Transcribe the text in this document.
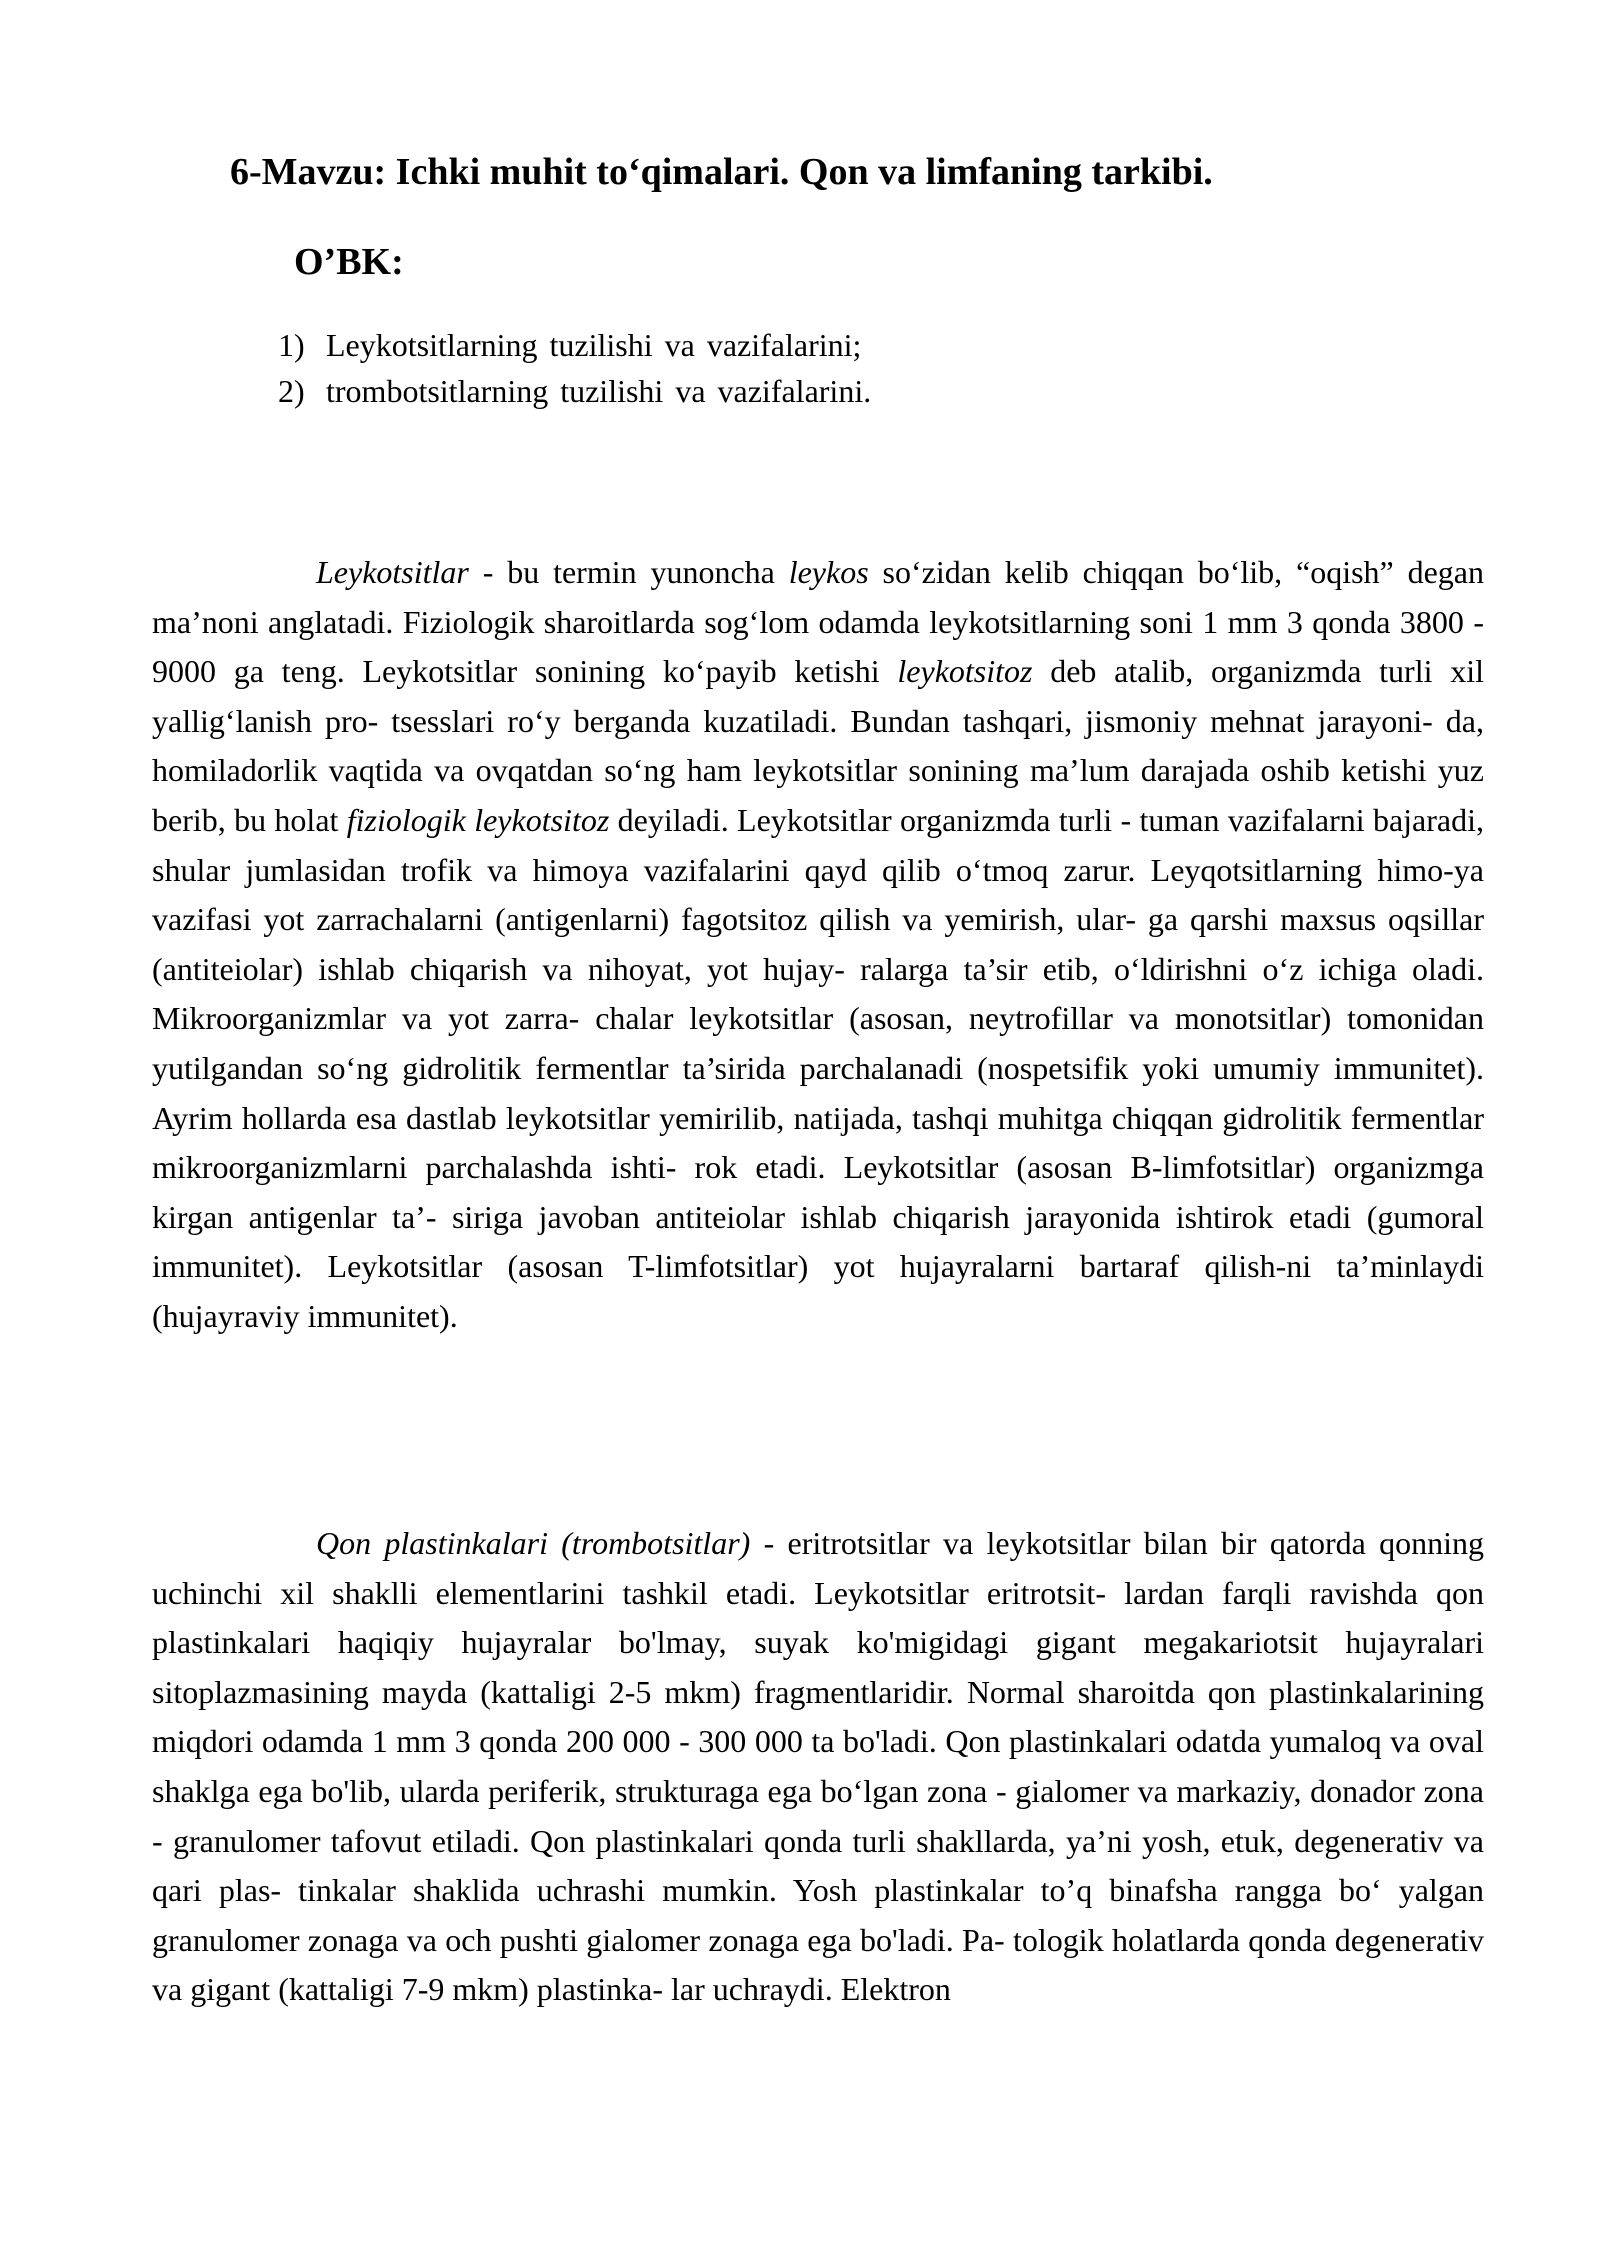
6-Mavzu: Ichki muhit to‘qimalari. Qon va limfaning tarkibi.
O’BK:
1) Leykotsitlarning tuzilishi va vazifalarini;
2) trombotsitlarning tuzilishi va vazifalarini.

Leykotsitlar - bu termin yunoncha leykos so‘zidan kelib chiqqan bo‘lib, “oqish” degan ma’noni anglatadi. Fiziologik sharoitlarda sog‘lom odamda leykotsitlarning soni 1 mm 3 qonda 3800 - 9000 ga teng. Leykotsitlar sonining ko‘payib ketishi leykotsitoz deb atalib, organizmda turli xil yallig‘lanish pro- tsesslari ro‘y berganda kuzatiladi. Bundan tashqari, jismoniy mehnat jarayoni- da, homiladorlik vaqtida va ovqatdan so‘ng ham leykotsitlar sonining ma’lum darajada oshib ketishi yuz berib, bu holat fiziologik leykotsitoz deyiladi. Leykotsitlar organizmda turli - tuman vazifalarni bajaradi, shular jumlasidan trofik va himoya vazifalarini qayd qilib o‘tmoq zarur. Leyqotsitlarning himo-ya vazifasi yot zarrachalarni (antigenlarni) fagotsitoz qilish va yemirish, ular- ga qarshi maxsus oqsillar (antiteiolar) ishlab chiqarish va nihoyat, yot hujay- ralarga ta’sir etib, o‘ldirishni o‘z ichiga oladi. Mikroorganizmlar va yot zarra- chalar leykotsitlar (asosan, neytrofillar va monotsitlar) tomonidan yutilgandan so‘ng gidrolitik fermentlar ta’sirida parchalanadi (nospetsifik yoki umumiy immunitet). Ayrim hollarda esa dastlab leykotsitlar yemirilib, natijada, tashqi muhitga chiqqan gidrolitik fermentlar mikroorganizmlarni parchalashda ishti- rok etadi. Leykotsitlar (asosan B-limfotsitlar) organizmga kirgan antigenlar ta’- siriga javoban antiteiolar ishlab chiqarish jarayonida ishtirok etadi (gumoral immunitet). Leykotsitlar (asosan T-limfotsitlar) yot hujayralarni bartaraf qilish-ni ta’minlaydi (hujayraviy immunitet).

Qon plastinkalari (trombotsitlar) - eritrotsitlar va leykotsitlar bilan bir qatorda qonning uchinchi xil shaklli elementlarini tashkil etadi. Leykotsitlar eritrotsit- lardan farqli ravishda qon plastinkalari haqiqiy hujayralar bo'lmay, suyak ko'migidagi gigant megakariotsit hujayralari sitoplazmasining mayda (kattaligi 2-5 mkm) fragmentlaridir. Normal sharoitda qon plastinkalarining miqdori odamda 1 mm 3 qonda 200 000 - 300 000 ta bo'ladi. Qon plastinkalari odatda yumaloq va oval shaklga ega bo'lib, ularda periferik, strukturaga ega bo‘lgan zona - gialomer va markaziy, donador zona - granulomer tafovut etiladi. Qon plastinkalari qonda turli shakllarda, ya’ni yosh, etuk, degenerativ va qari plas- tinkalar shaklida uchrashi mumkin. Yosh plastinkalar to’q binafsha rangga bo‘ yalgan granulomer zonaga va och pushti gialomer zonaga ega bo'ladi. Pa- tologik holatlarda qonda degenerativ va gigant (kattaligi 7-9 mkm) plastinka- lar uchraydi. Elektron
